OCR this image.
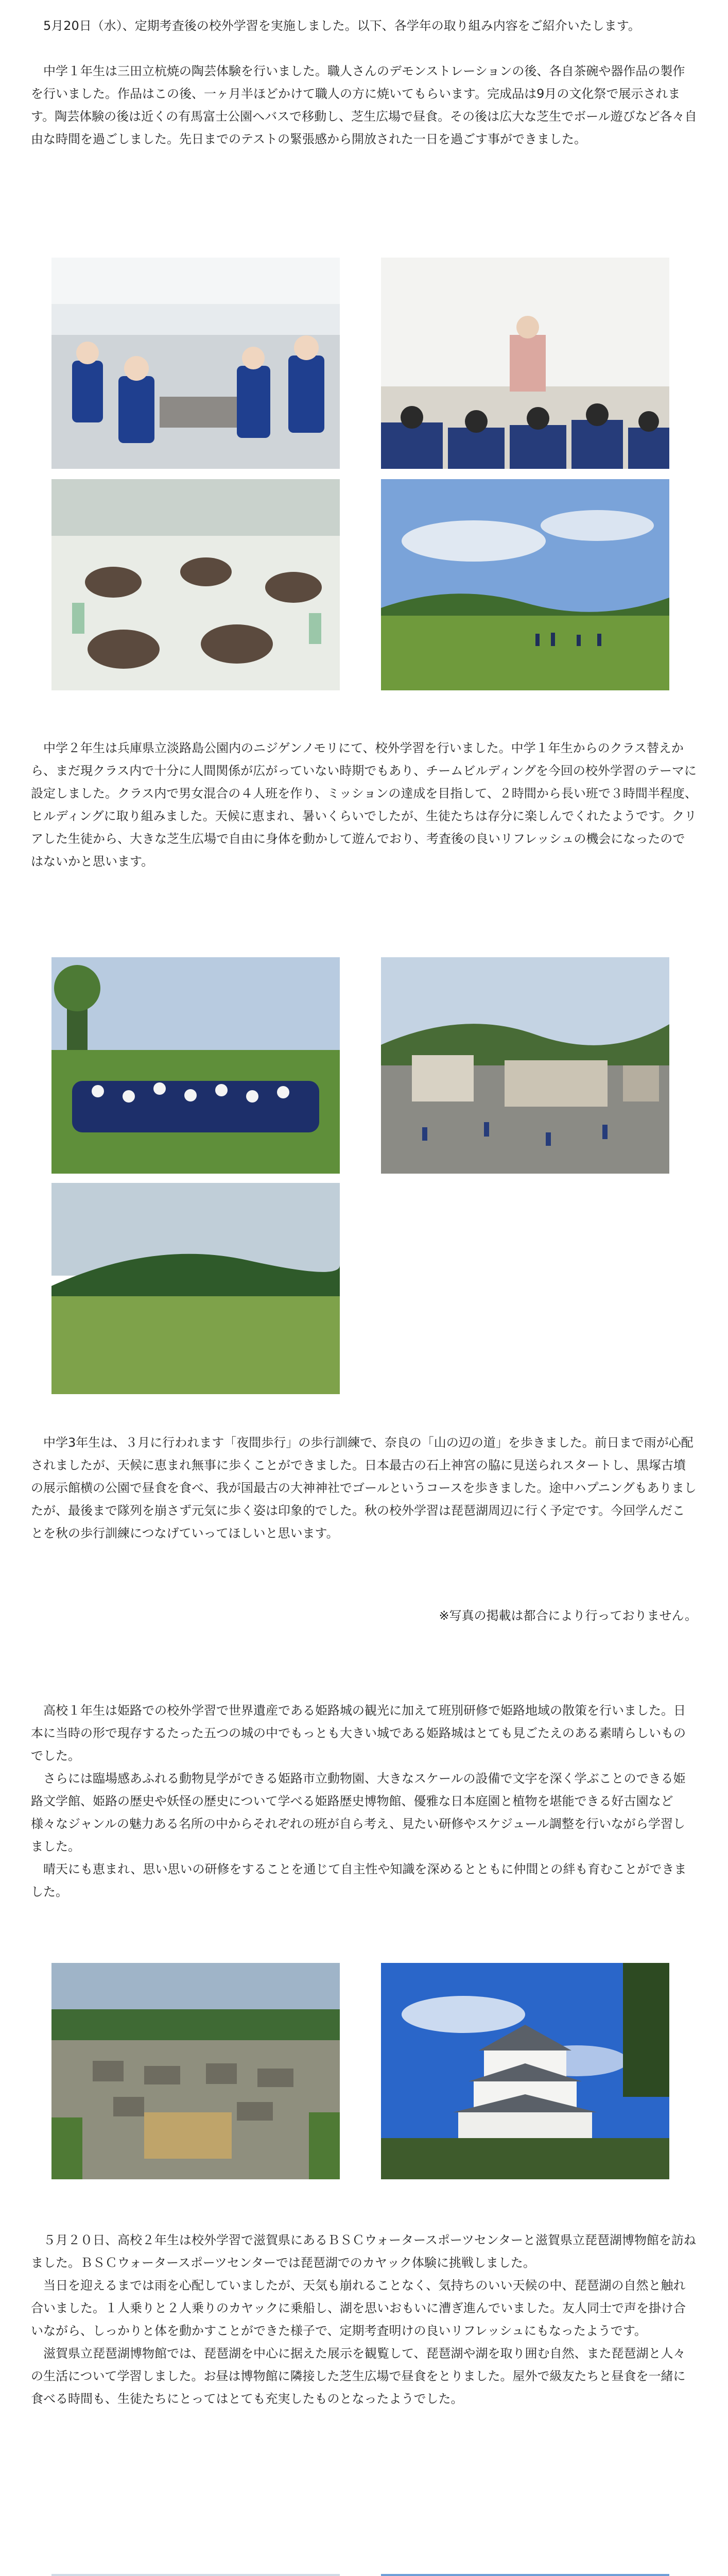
　5月20日（水）、定期考査後の校外学習を実施しました。以下、各学年の取り組み内容をご紹介いたします。

　中学１年生は三田立杭焼の陶芸体験を行いました。職人さんのデモンストレーションの後、各自茶碗や器作品の製作を行いました。作品はこの後、一ヶ月半ほどかけて職人の方に焼いてもらいます。完成品は9月の文化祭で展示されます。陶芸体験の後は近くの有馬富士公園へバスで移動し、芝生広場で昼食。その後は広大な芝生でボール遊びなど各々自由な時間を過ごしました。先日までのテストの緊張感から開放された一日を過ごす事ができました。

　中学２年生は兵庫県立淡路島公園内のニジゲンノモリにて、校外学習を行いました。中学１年生からのクラス替えから、まだ現クラス内で十分に人間関係が広がっていない時期でもあり、チームビルディングを今回の校外学習のテーマに設定しました。クラス内で男女混合の４人班を作り、ミッションの達成を目指して、２時間から長い班で３時間半程度、ヒルディングに取り組みました。天候に恵まれ、暑いくらいでしたが、生徒たちは存分に楽しんでくれたようです。クリアした生徒から、大きな芝生広場で自由に身体を動かして遊んでおり、考査後の良いリフレッシュの機会になったのではないかと思います。

　中学3年生は、３月に行われます「夜間歩行」の歩行訓練で、奈良の「山の辺の道」を歩きました。前日まで雨が心配されましたが、天候に恵まれ無事に歩くことができました。日本最古の石上神宮の脇に見送られスタートし、黒塚古墳の展示館横の公園で昼食を食べ、我が国最古の大神神社でゴールというコースを歩きました。途中ハプニングもありましたが、最後まで隊列を崩さず元気に歩く姿は印象的でした。秋の校外学習は琵琶湖周辺に行く予定です。今回学んだことを秋の歩行訓練につなげていってほしいと思います。

※写真の掲載は都合により行っておりません。

　高校１年生は姫路での校外学習で世界遺産である姫路城の観光に加えて班別研修で姫路地域の散策を行いました。日本に当時の形で現存するたった五つの城の中でもっとも大きい城である姫路城はとても見ごたえのある素晴らしいものでした。

　さらには臨場感あふれる動物見学ができる姫路市立動物園、大きなスケールの設備で文字を深く学ぶことのできる姫路文学館、姫路の歴史や妖怪の歴史について学べる姫路歴史博物館、優雅な日本庭園と植物を堪能できる好古園など様々なジャンルの魅力ある名所の中からそれぞれの班が自ら考え、見たい研修やスケジュール調整を行いながら学習しました。

　晴天にも恵まれ、思い思いの研修をすることを通じて自主性や知識を深めるとともに仲間との絆も育むことができました。

　５月２０日、高校２年生は校外学習で滋賀県にあるＢＳＣウォータースポーツセンターと滋賀県立琵琶湖博物館を訪ねました。ＢＳＣウォータースポーツセンターでは琵琶湖でのカヤック体験に挑戦しました。

　当日を迎えるまでは雨を心配していましたが、天気も崩れることなく、気持ちのいい天候の中、琵琶湖の自然と触れ合いました。１人乗りと２人乗りのカヤックに乗船し、湖を思いおもいに漕ぎ進んでいました。友人同士で声を掛け合いながら、しっかりと体を動かすことができた様子で、定期考査明けの良いリフレッシュにもなったようです。

　滋賀県立琵琶湖博物館では、琵琶湖を中心に据えた展示を観覧して、琵琶湖や湖を取り囲む自然、また琵琶湖と人々の生活について学習しました。お昼は博物館に隣接した芝生広場で昼食をとりました。屋外で級友たちと昼食を一緒に食べる時間も、生徒たちにとってはとても充実したものとなったようでした。
